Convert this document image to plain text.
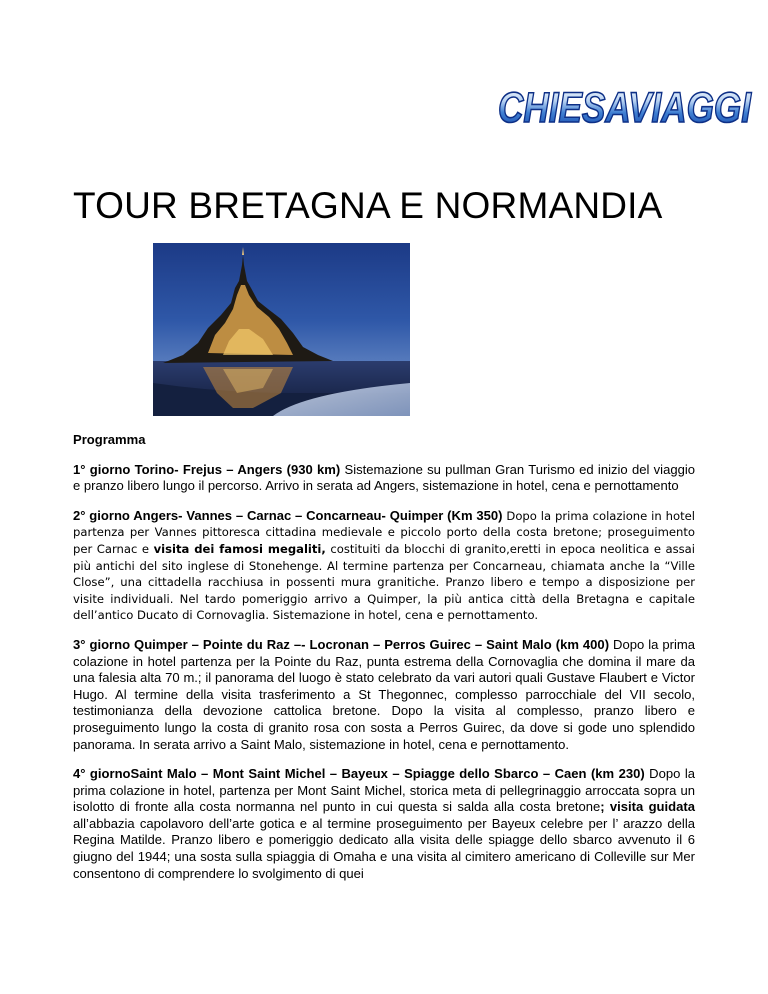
CHIESAVIAGGI
TOUR BRETAGNA E NORMANDIA

Programma

1° giorno Torino- Frejus – Angers (930 km) Sistemazione su pullman Gran Turismo ed inizio del viaggio e pranzo libero lungo il percorso. Arrivo in serata ad Angers, sistemazione in hotel, cena e pernottamento

2° giorno Angers- Vannes – Carnac – Concarneau- Quimper (Km 350) Dopo la prima colazione in hotel partenza per Vannes pittoresca cittadina medievale e piccolo porto della costa bretone; proseguimento per Carnac e visita dei famosi megaliti, costituiti da blocchi di granito,eretti in epoca neolitica e assai più antichi del sito inglese di Stonehenge. Al termine partenza per Concarneau, chiamata anche la “Ville Close”, una cittadella racchiusa in possenti mura granitiche. Pranzo libero e tempo a disposizione per visite individuali. Nel tardo pomeriggio arrivo a Quimper, la più antica città della Bretagna e capitale dell’antico Ducato di Cornovaglia. Sistemazione in hotel, cena e pernottamento.

3° giorno Quimper – Pointe du Raz –- Locronan – Perros Guirec – Saint Malo (km 400) Dopo la prima colazione in hotel partenza per la Pointe du Raz, punta estrema della Cornovaglia che domina il mare da una falesia alta 70 m.; il panorama del luogo è stato celebrato da vari autori quali Gustave Flaubert e Victor Hugo. Al termine della visita trasferimento a St Thegonnec, complesso parrocchiale del VII secolo, testimonianza della devozione cattolica bretone. Dopo la visita al complesso, pranzo libero e proseguimento lungo la costa di granito rosa con sosta a Perros Guirec, da dove si gode uno splendido panorama. In serata arrivo a Saint Malo, sistemazione in hotel, cena e pernottamento.

4° giornoSaint Malo – Mont Saint Michel – Bayeux – Spiagge dello Sbarco – Caen (km 230) Dopo la prima colazione in hotel, partenza per Mont Saint Michel, storica meta di pellegrinaggio arroccata sopra un isolotto di fronte alla costa normanna nel punto in cui questa si salda alla costa bretone; visita guidata all’abbazia capolavoro dell’arte gotica e al termine proseguimento per Bayeux celebre per l’ arazzo della Regina Matilde. Pranzo libero e pomeriggio dedicato alla visita delle spiagge dello sbarco avvenuto il 6 giugno del 1944; una sosta sulla spiaggia di Omaha e una visita al cimitero americano di Colleville sur Mer consentono di comprendere lo svolgimento di quei
